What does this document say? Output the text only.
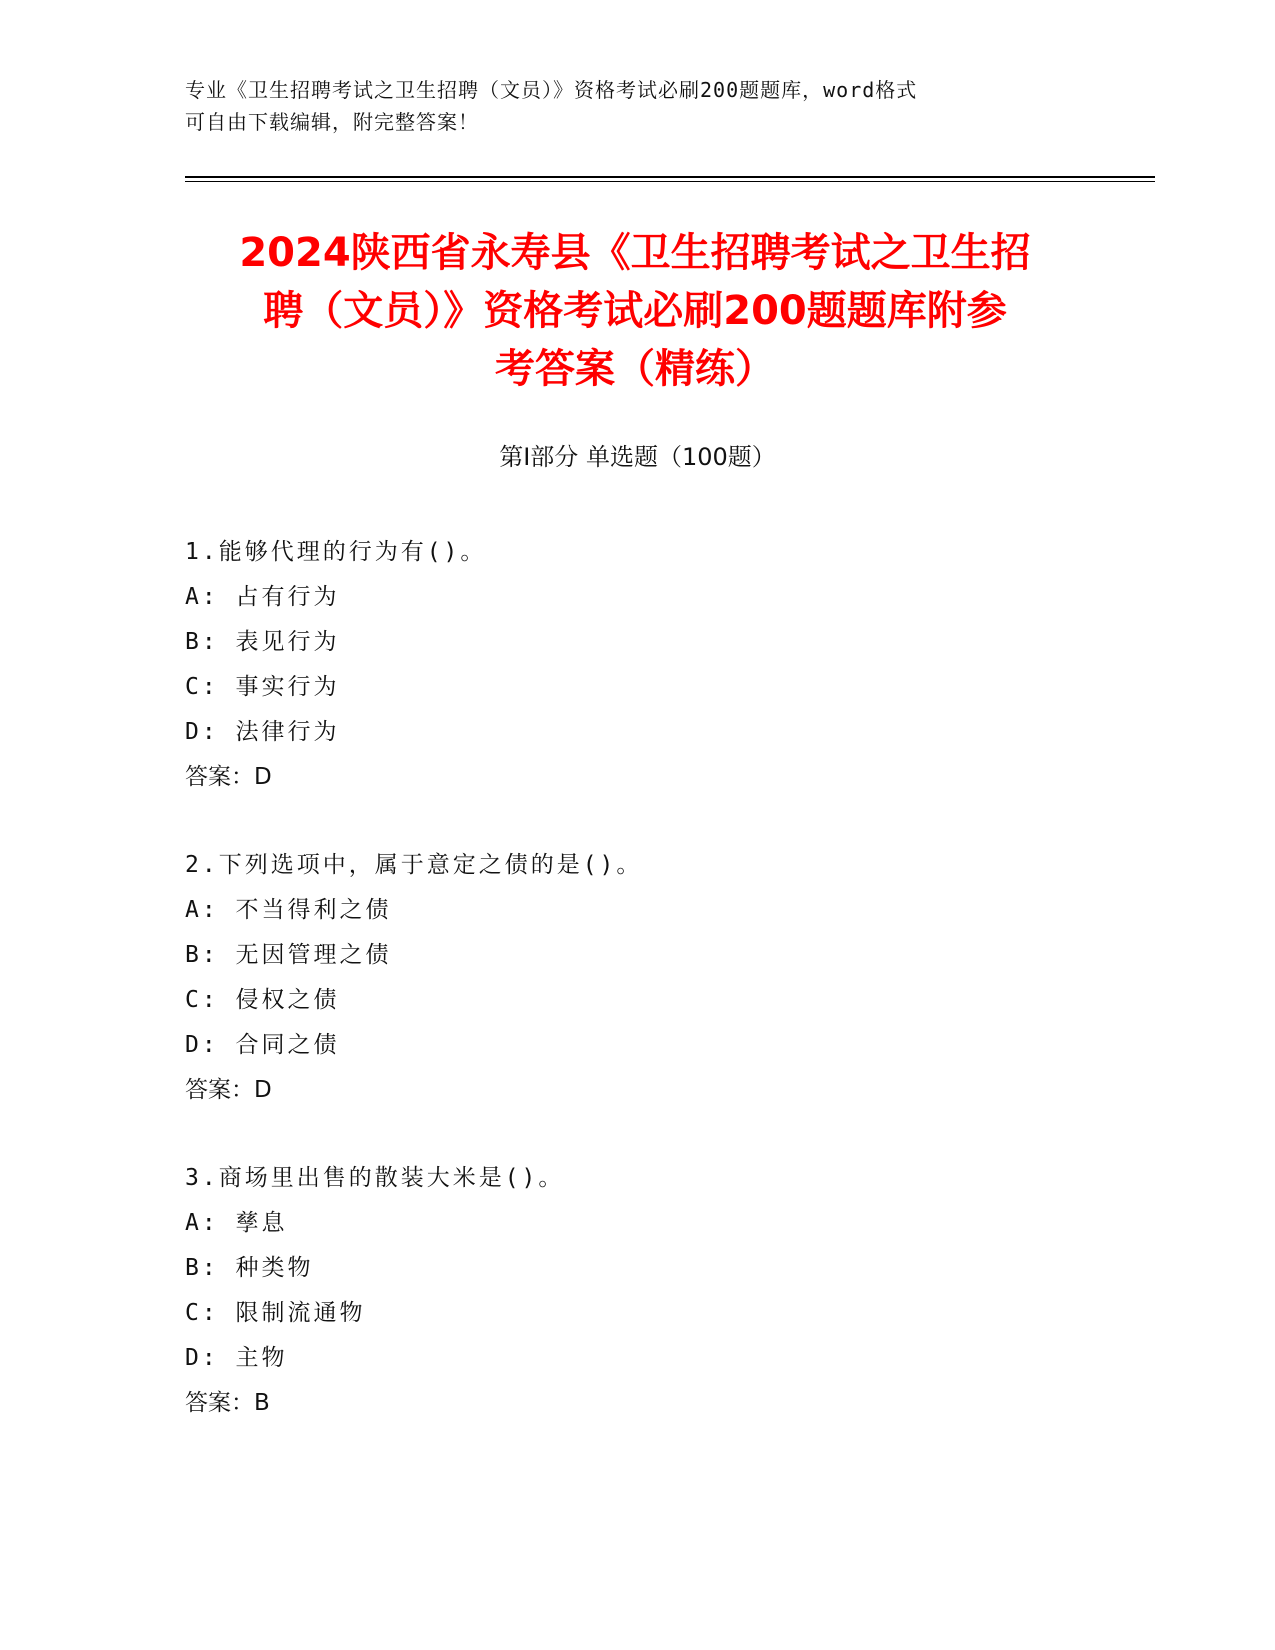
专业《卫生招聘考试之卫生招聘（文员）》资格考试必刷200题题库，word格式
可自由下载编辑，附完整答案！
2024陕西省永寿县《卫生招聘考试之卫生招
聘（文员）》资格考试必刷200题题库附参
考答案（精练）
第Ⅰ部分 单选题（100题）
1.能够代理的行为有()。
A: 占有行为
B: 表见行为
C: 事实行为
D: 法律行为
答案：D
2.下列选项中，属于意定之债的是()。
A: 不当得利之债
B: 无因管理之债
C: 侵权之债
D: 合同之债
答案：D
3.商场里出售的散装大米是()。
A: 孳息
B: 种类物
C: 限制流通物
D: 主物
答案：B
